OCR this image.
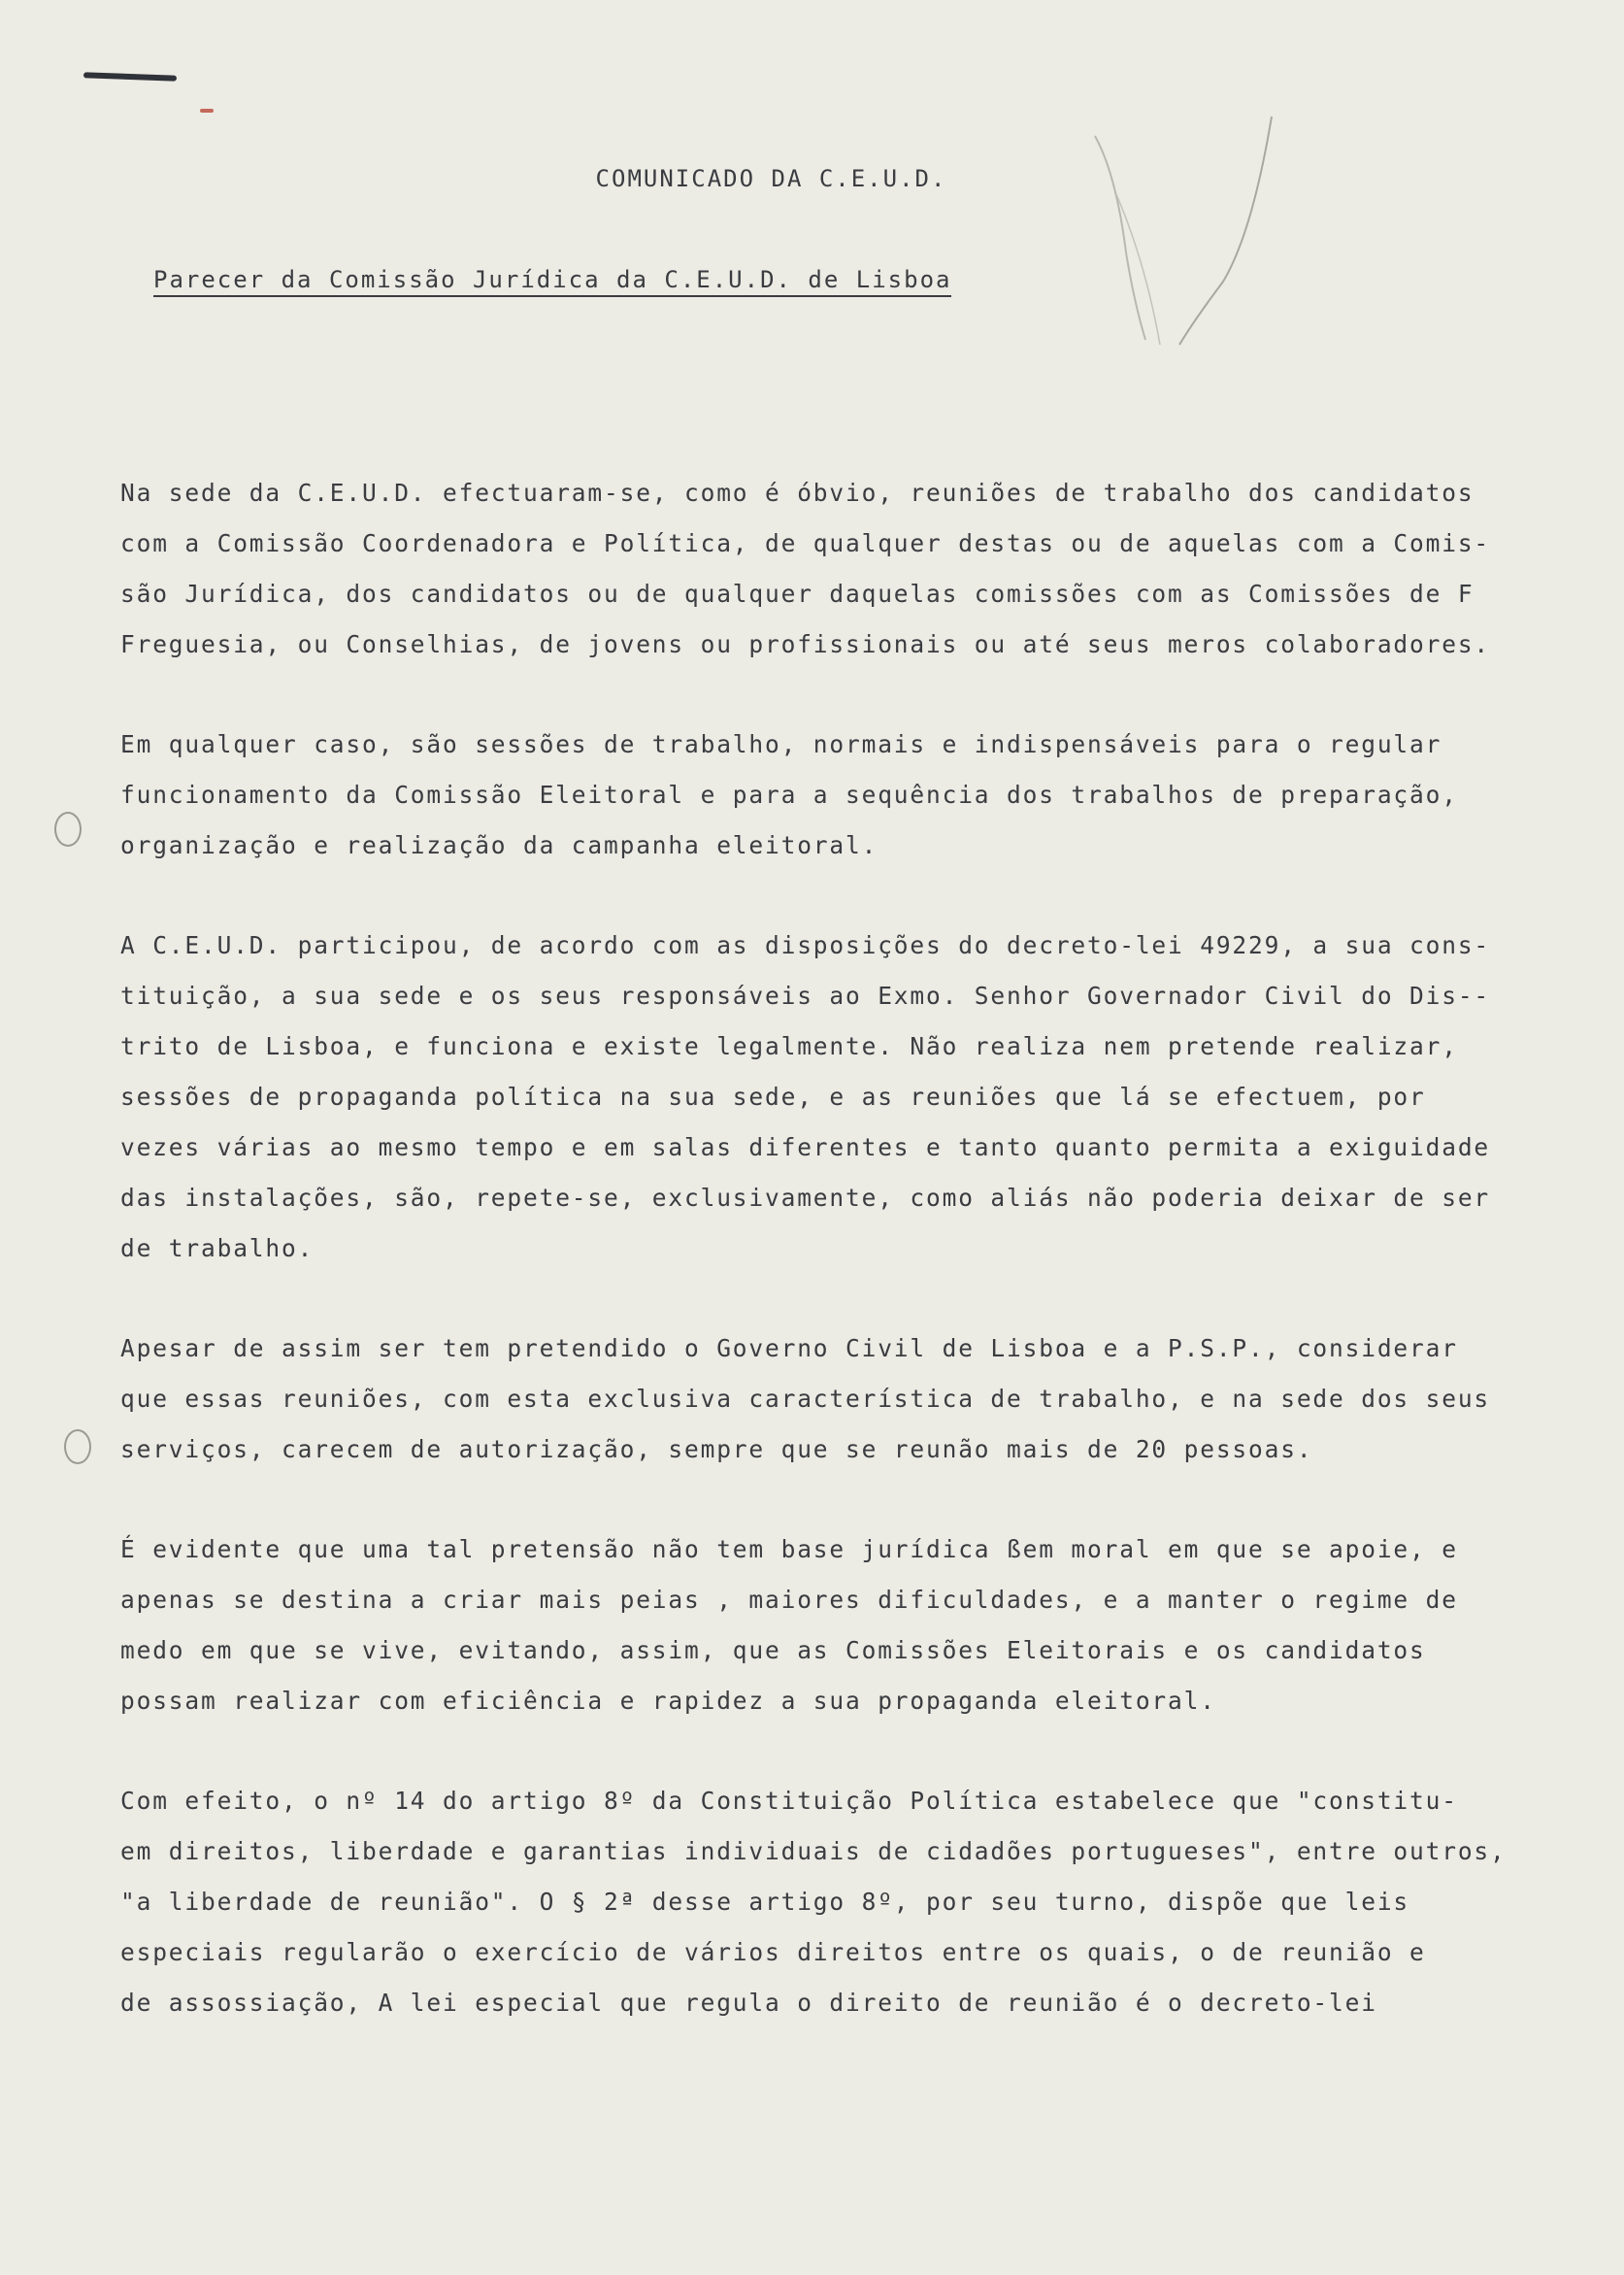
COMUNICADO DA C.E.U.D.
Parecer da Comissão Jurídica da C.E.U.D. de Lisboa
Na sede da C.E.U.D. efectuaram-se, como é óbvio, reuniões de trabalho dos candidatos
com a Comissão Coordenadora e Política, de qualquer destas ou de aquelas com a Comis-
são Jurídica, dos candidatos ou de qualquer daquelas comissões com as Comissões de F
Freguesia, ou Conselhias, de jovens ou profissionais ou até seus meros colaboradores.
Em qualquer caso, são sessões de trabalho, normais e indispensáveis para o regular
funcionamento da Comissão Eleitoral e para a sequência dos trabalhos de preparação,
organização e realização da campanha eleitoral.
A C.E.U.D. participou, de acordo com as disposições do decreto-lei 49229, a sua cons-
tituição, a sua sede e os seus responsáveis ao Exmo. Senhor Governador Civil do Dis--
trito de Lisboa, e funciona e existe legalmente. Não realiza nem pretende realizar,
sessões de propaganda política na sua sede, e as reuniões que lá se efectuem, por
vezes várias ao mesmo tempo e em salas diferentes e tanto quanto permita a exiguidade
das instalações, são, repete-se, exclusivamente, como aliás não poderia deixar de ser
de trabalho.
Apesar de assim ser tem pretendido o Governo Civil de Lisboa e a P.S.P., considerar
que essas reuniões, com esta exclusiva característica de trabalho, e na sede dos seus
serviços, carecem de autorização, sempre que se reunão mais de 20 pessoas.
É evidente que uma tal pretensão não tem base jurídica ßem moral em que se apoie, e
apenas se destina a criar mais peias , maiores dificuldades, e a manter o regime de
medo em que se vive, evitando, assim, que as Comissões Eleitorais e os candidatos
possam realizar com eficiência e rapidez a sua propaganda eleitoral.
Com efeito, o nº 14 do artigo 8º da Constituição Política estabelece que "constitu-
em direitos, liberdade e garantias individuais de cidadões portugueses", entre outros,
"a liberdade de reunião". O § 2ª desse artigo 8º, por seu turno, dispõe que leis
especiais regularão o exercício de vários direitos entre os quais, o de reunião e
de assossiação, A lei especial que regula o direito de reunião é o decreto-lei
